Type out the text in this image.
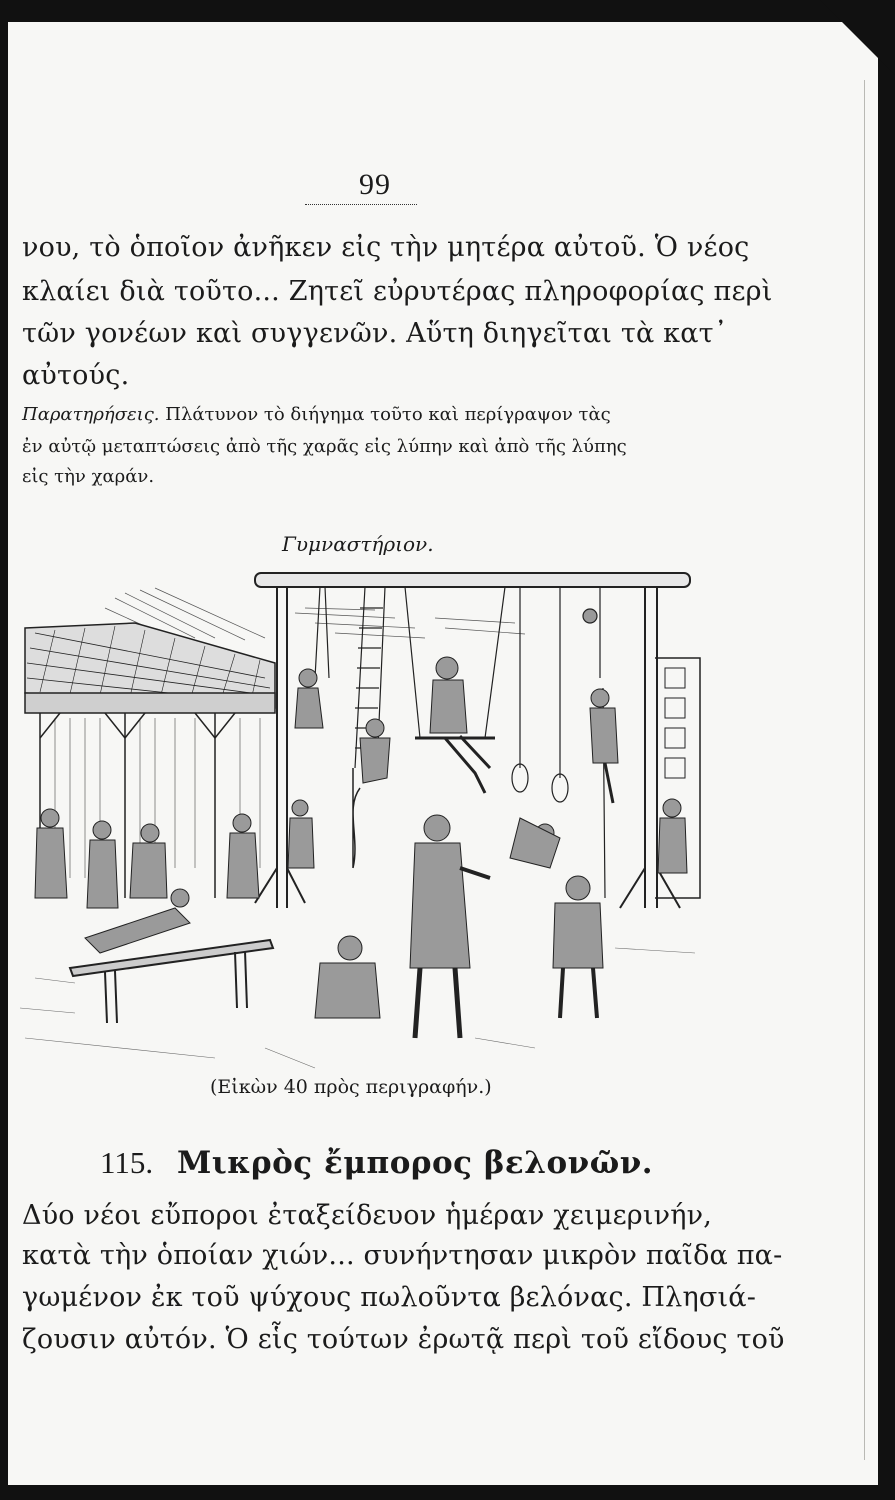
99
νου, τὸ ὁποῖον ἀνῆκεν εἰς τὴν μητέρα αὐτοῦ. Ὁ νέος
κλαίει διὰ τοῦτο... Ζητεῖ εὐρυτέρας πληροφορίας περὶ
τῶν γονέων καὶ συγγενῶν. Αὕτη διηγεῖται τὰ κατ᾿
αὐτούς.
Παρατηρήσεις. Πλάτυνον τὸ διήγημα τοῦτο καὶ περίγραψον τὰς
ἐν αὐτῷ μεταπτώσεις ἀπὸ τῆς χαρᾶς εἰς λύπην καὶ ἀπὸ τῆς λύπης
εἰς τὴν χαράν.
Γυμναστήριον.
(Εἰκὼν 40 πρὸς περιγραφήν.)
115. Μικρὸς ἔμπορος βελονῶν.
Δύο νέοι εὔποροι ἐταξείδευον ἡμέραν χειμερινήν,
κατὰ τὴν ὁποίαν χιών... συνήντησαν μικρὸν παῖδα πα-
γωμένον ἐκ τοῦ ψύχους πωλοῦντα βελόνας. Πλησιά-
ζουσιν αὐτόν. Ὁ εἷς τούτων ἐρωτᾷ περὶ τοῦ εἴδους τοῦ
